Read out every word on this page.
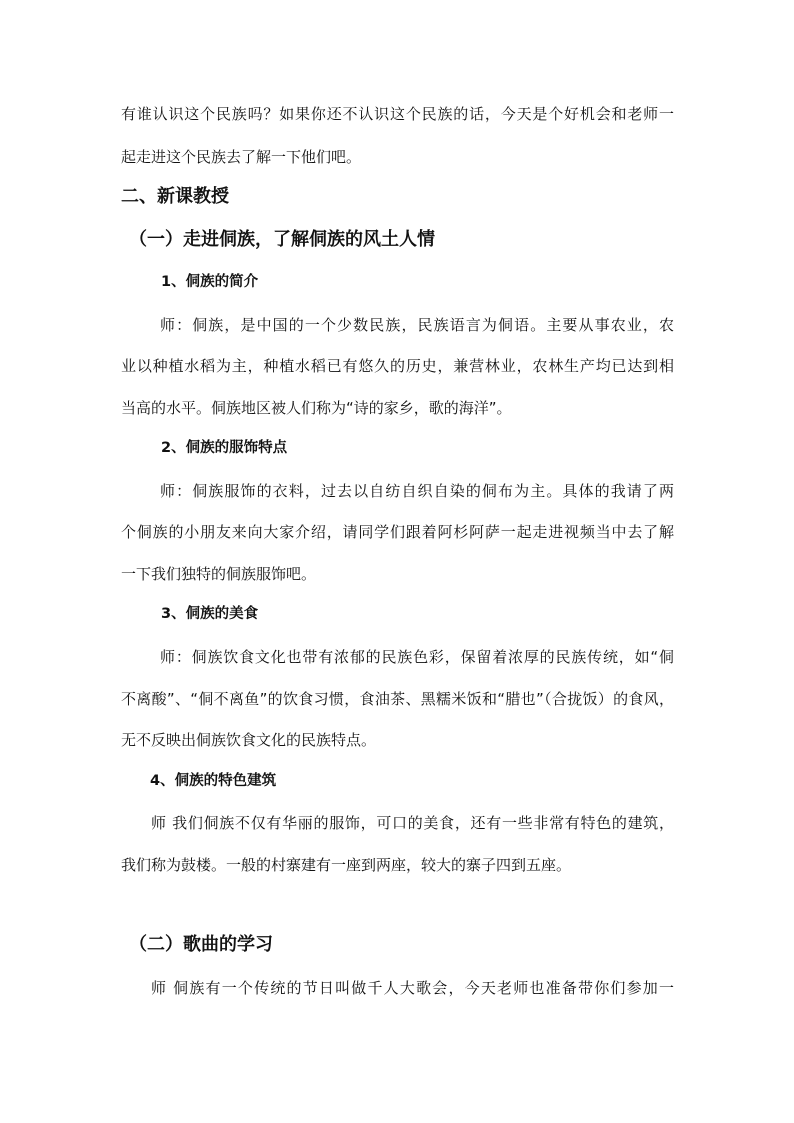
有谁认识这个民族吗？如果你还不认识这个民族的话，今天是个好机会和老师一
起走进这个民族去了解一下他们吧。
二、新课教授
（一）走进侗族，了解侗族的风土人情
1、侗族的简介
师：侗族，是中国的一个少数民族，民族语言为侗语。主要从事农业，农
业以种植水稻为主，种植水稻已有悠久的历史，兼营林业，农林生产均已达到相
当高的水平。侗族地区被人们称为“诗的家乡，歌的海洋”。
2、侗族的服饰特点
师：侗族服饰的衣料，过去以自纺自织自染的侗布为主。具体的我请了两
个侗族的小朋友来向大家介绍，请同学们跟着阿杉阿萨一起走进视频当中去了解
一下我们独特的侗族服饰吧。
3、侗族的美食
师：侗族饮食文化也带有浓郁的民族色彩，保留着浓厚的民族传统，如“侗
不离酸”、“侗不离鱼”的饮食习惯，食油茶、黑糯米饭和“腊也”（合拢饭）的食风，
无不反映出侗族饮食文化的民族特点。
4、侗族的特色建筑
师 我们侗族不仅有华丽的服饰，可口的美食，还有一些非常有特色的建筑，
我们称为鼓楼。一般的村寨建有一座到两座，较大的寨子四到五座。
（二）歌曲的学习
师 侗族有一个传统的节日叫做千人大歌会，今天老师也准备带你们参加一
